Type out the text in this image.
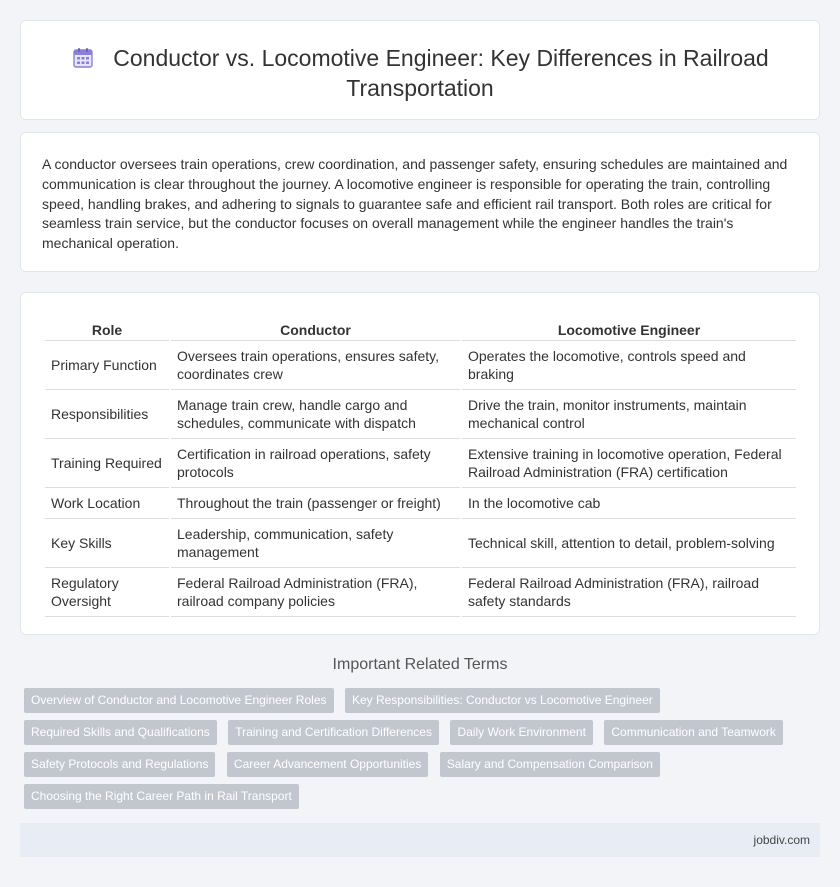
Conductor vs. Locomotive Engineer: Key Differences in Railroad Transportation

A conductor oversees train operations, crew coordination, and passenger safety, ensuring schedules are maintained and communication is clear throughout the journey. A locomotive engineer is responsible for operating the train, controlling speed, handling brakes, and adhering to signals to guarantee safe and efficient rail transport. Both roles are critical for seamless train service, but the conductor focuses on overall management while the engineer handles the train's mechanical operation.

Role	Conductor	Locomotive Engineer
Primary Function	Oversees train operations, ensures safety, coordinates crew	Operates the locomotive, controls speed and braking
Responsibilities	Manage train crew, handle cargo and schedules, communicate with dispatch	Drive the train, monitor instruments, maintain mechanical control
Training Required	Certification in railroad operations, safety protocols	Extensive training in locomotive operation, Federal Railroad Administration (FRA) certification
Work Location	Throughout the train (passenger or freight)	In the locomotive cab
Key Skills	Leadership, communication, safety management	Technical skill, attention to detail, problem-solving
Regulatory Oversight	Federal Railroad Administration (FRA), railroad company policies	Federal Railroad Administration (FRA), railroad safety standards
Important Related Terms
Overview of Conductor and Locomotive Engineer Roles Key Responsibilities: Conductor vs Locomotive Engineer Required Skills and Qualifications Training and Certification Differences Daily Work Environment Communication and Teamwork Safety Protocols and Regulations Career Advancement Opportunities Salary and Compensation Comparison Choosing the Right Career Path in Rail Transport
jobdiv.com
